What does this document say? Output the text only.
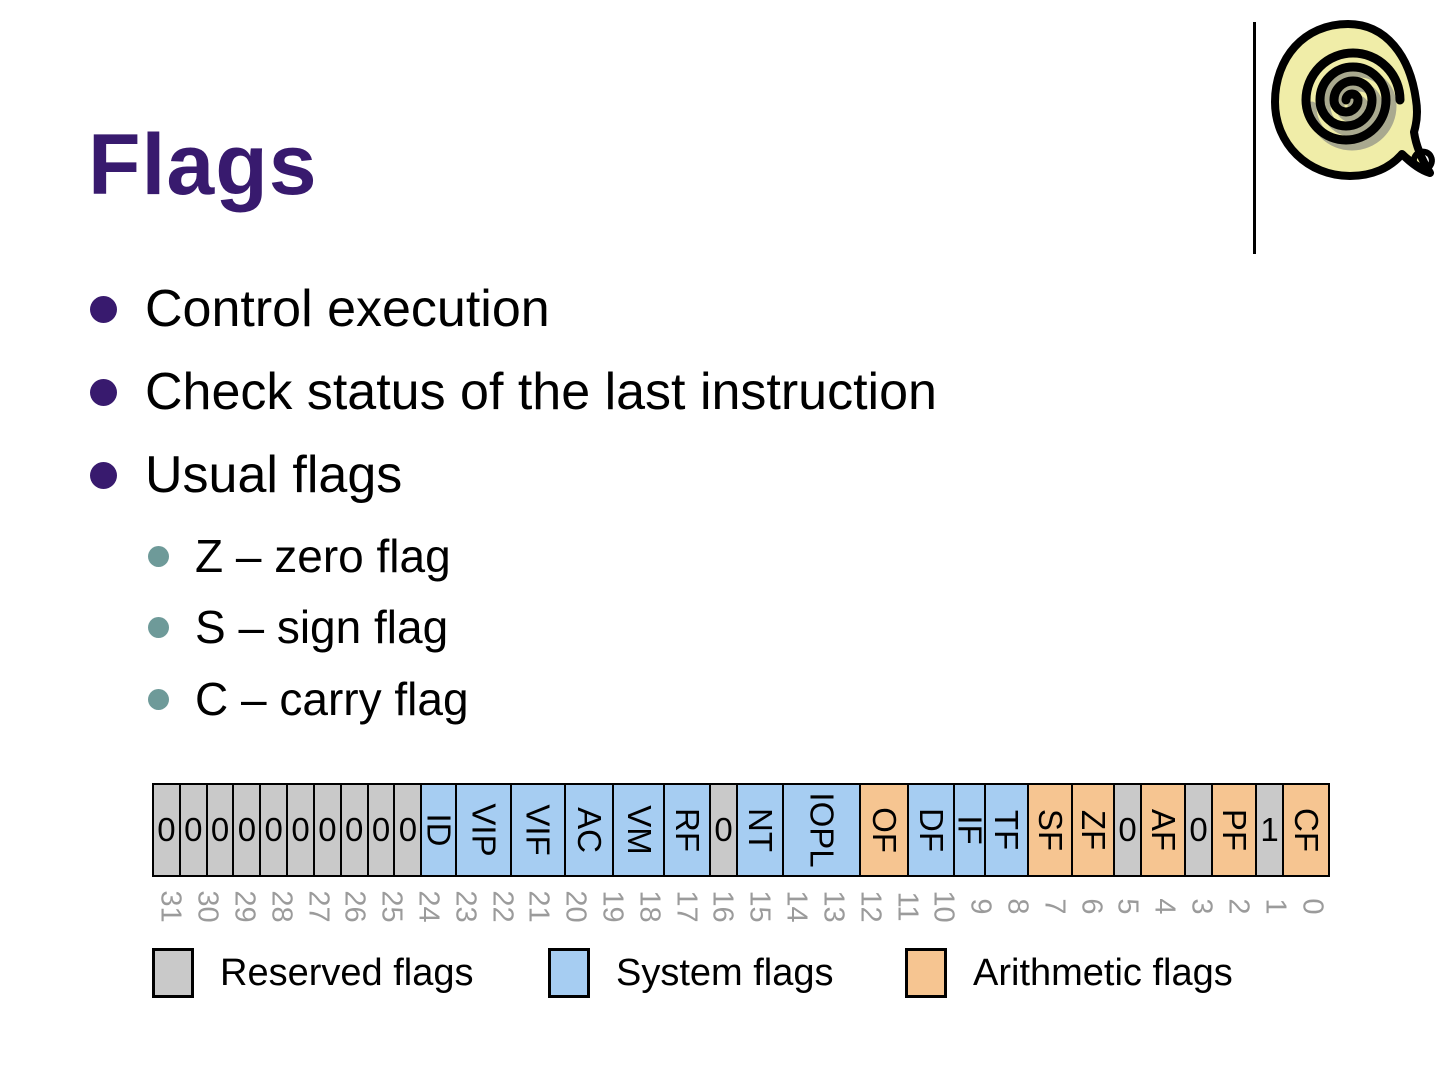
Flags
Control execution
Check status of the last instruction
Usual flags
Z – zero flag
S – sign flag
C – carry flag
0 0 0 0 0 0 0 0 0 0 ID VIP VIF AC VM RF 0 NT IOPL OF DF IF TF SF ZF 0 AF 0 PF 1 CF
31 30 29 28 27 26 25 24 23 22 21 20 19 18 17 16 15 14 13 12 11 10 9 8 7 6 5 4 3 2 1 0
Reserved flags	System flags	Arithmetic flags
